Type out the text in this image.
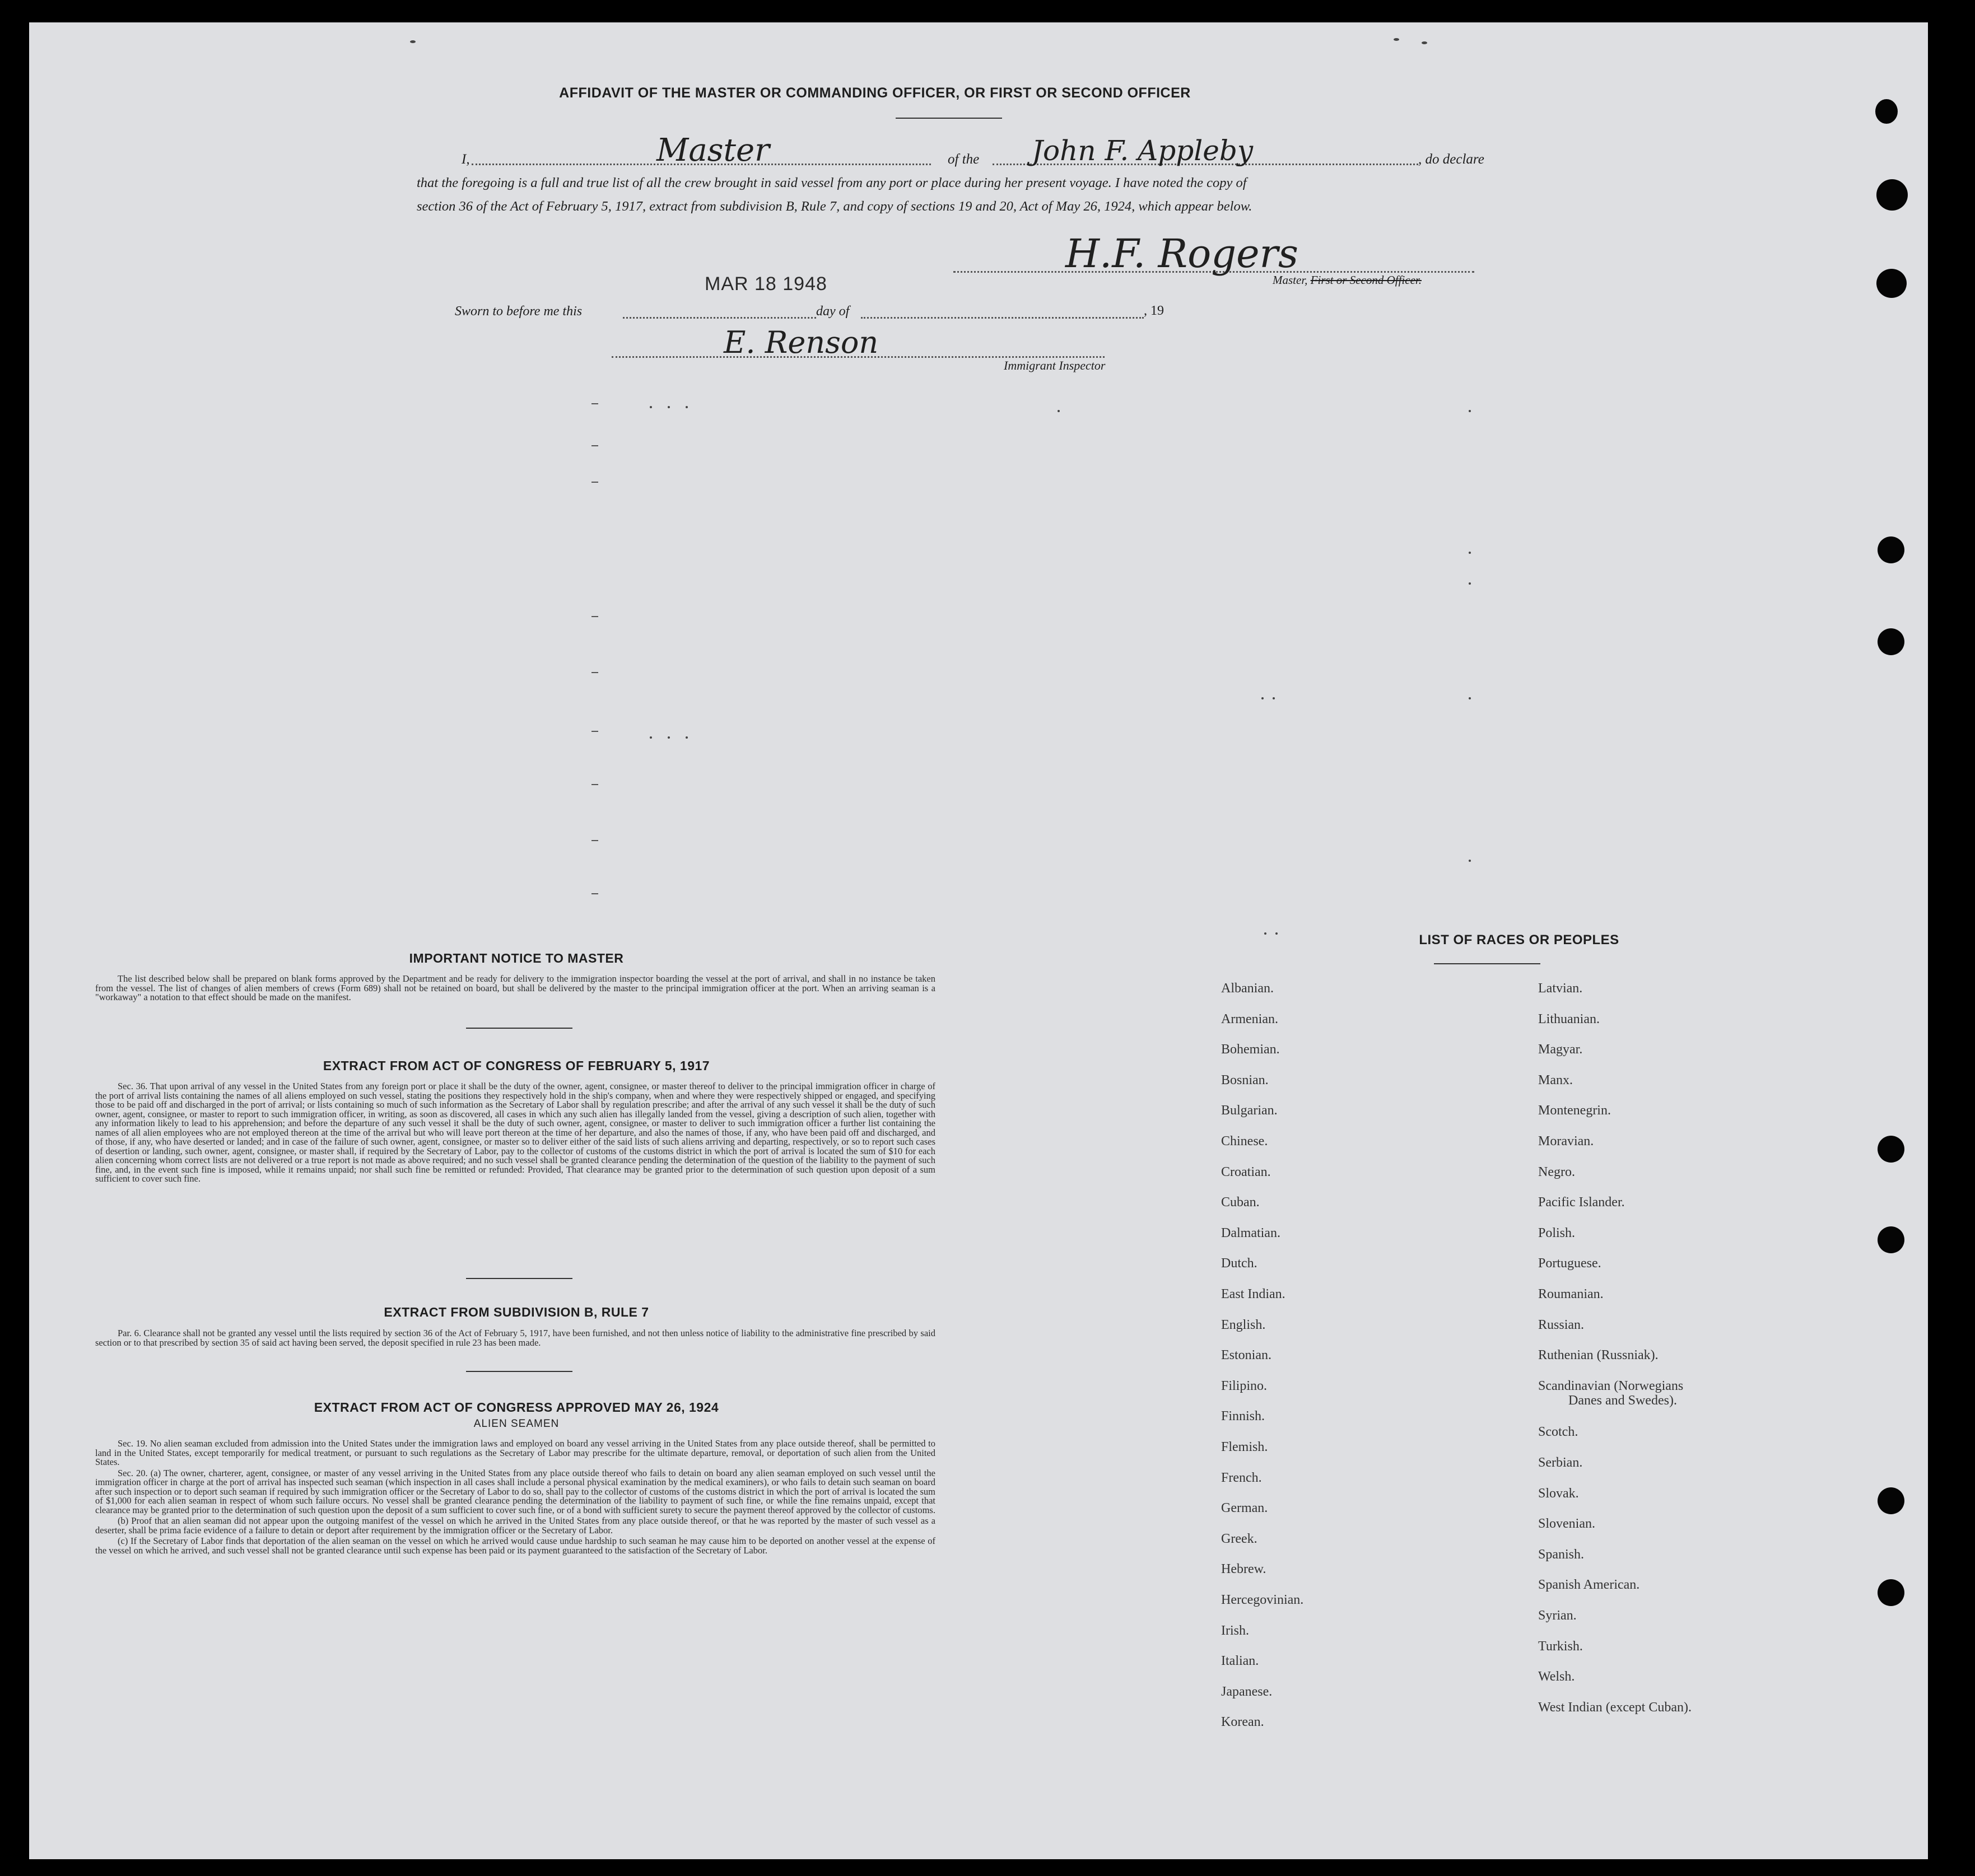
AFFIDAVIT OF THE MASTER OR COMMANDING OFFICER, OR FIRST OR SECOND OFFICER
I,	Master	of the John F. Appleby	, do declare
that the foregoing is a full and true list of all the crew brought in said vessel from any port or place during her present voyage. I have noted the copy of
section 36 of the Act of February 5, 1917, extract from subdivision B, Rule 7, and copy of sections 19 and 20, Act of May 26, 1924, which appear below.
H.F. Rogers
Master, First or Second Officer.
MAR 18 1948
Sworn to before me this	day of	, 19
E. Renson
Immigrant Inspector
IMPORTANT NOTICE TO MASTER
The list described below shall be prepared on blank forms approved by the Department and be ready for delivery to the immigration inspector boarding the vessel at the port of arrival, and shall in no instance be taken from the vessel. The list of changes of alien members of crews (Form 689) shall not be retained on board, but shall be delivered by the master to the principal immigration officer at the port. When an arriving seaman is a "workaway" a notation to that effect should be made on the manifest.
EXTRACT FROM ACT OF CONGRESS OF FEBRUARY 5, 1917
Sec. 36. That upon arrival of any vessel in the United States from any foreign port or place it shall be the duty of the owner, agent, consignee, or master thereof to deliver to the principal immigration officer in charge of the port of arrival lists containing the names of all aliens employed on such vessel, stating the positions they respectively hold in the ship's company, when and where they were respectively shipped or engaged, and specifying those to be paid off and discharged in the port of arrival; or lists containing so much of such information as the Secretary of Labor shall by regulation prescribe; and after the arrival of any such vessel it shall be the duty of such owner, agent, consignee, or master to report to such immigration officer, in writing, as soon as discovered, all cases in which any such alien has illegally landed from the vessel, giving a description of such alien, together with any information likely to lead to his apprehension; and before the departure of any such vessel it shall be the duty of such owner, agent, consignee, or master to deliver to such immigration officer a further list containing the names of all alien employees who are not employed thereon at the time of the arrival but who will leave port thereon at the time of her departure, and also the names of those, if any, who have been paid off and discharged, and of those, if any, who have deserted or landed; and in case of the failure of such owner, agent, consignee, or master so to deliver either of the said lists of such aliens arriving and departing, respectively, or so to report such cases of desertion or landing, such owner, agent, consignee, or master shall, if required by the Secretary of Labor, pay to the collector of customs of the customs district in which the port of arrival is located the sum of $10 for each alien concerning whom correct lists are not delivered or a true report is not made as above required; and no such vessel shall be granted clearance pending the determination of the question of the liability to the payment of such fine, and, in the event such fine is imposed, while it remains unpaid; nor shall such fine be remitted or refunded: Provided, That clearance may be granted prior to the determination of such question upon deposit of a sum sufficient to cover such fine.
EXTRACT FROM SUBDIVISION B, RULE 7
Par. 6. Clearance shall not be granted any vessel until the lists required by section 36 of the Act of February 5, 1917, have been furnished, and not then unless notice of liability to the administrative fine prescribed by said section or to that prescribed by section 35 of said act having been served, the deposit specified in rule 23 has been made.
EXTRACT FROM ACT OF CONGRESS APPROVED MAY 26, 1924
ALIEN SEAMEN

Sec. 19. No alien seaman excluded from admission into the United States under the immigration laws and employed on board any vessel arriving in the United States from any place outside thereof, shall be permitted to land in the United States, except temporarily for medical treatment, or pursuant to such regulations as the Secretary of Labor may prescribe for the ultimate departure, removal, or deportation of such alien from the United States.

Sec. 20. (a) The owner, charterer, agent, consignee, or master of any vessel arriving in the United States from any place outside thereof who fails to detain on board any alien seaman employed on such vessel until the immigration officer in charge at the port of arrival has inspected such seaman (which inspection in all cases shall include a personal physical examination by the medical examiners), or who fails to detain such seaman on board after such inspection or to deport such seaman if required by such immigration officer or the Secretary of Labor to do so, shall pay to the collector of customs of the customs district in which the port of arrival is located the sum of $1,000 for each alien seaman in respect of whom such failure occurs. No vessel shall be granted clearance pending the determination of the liability to payment of such fine, or while the fine remains unpaid, except that clearance may be granted prior to the determination of such question upon the deposit of a sum sufficient to cover such fine, or of a bond with sufficient surety to secure the payment thereof approved by the collector of customs.

(b) Proof that an alien seaman did not appear upon the outgoing manifest of the vessel on which he arrived in the United States from any place outside thereof, or that he was reported by the master of such vessel as a deserter, shall be prima facie evidence of a failure to detain or deport after requirement by the immigration officer or the Secretary of Labor.

(c) If the Secretary of Labor finds that deportation of the alien seaman on the vessel on which he arrived would cause undue hardship to such seaman he may cause him to be deported on another vessel at the expense of the vessel on which he arrived, and such vessel shall not be granted clearance until such expense has been paid or its payment guaranteed to the satisfaction of the Secretary of Labor.

LIST OF RACES OR PEOPLES
Albanian.
Armenian.
Bohemian.
Bosnian.
Bulgarian.
Chinese.
Croatian.
Cuban.
Dalmatian.
Dutch.
East Indian.
English.
Estonian.
Filipino.
Finnish.
Flemish.
French.
German.
Greek.
Hebrew.
Hercegovinian.
Irish.
Italian.
Japanese.
Korean.
Latvian.
Lithuanian.
Magyar.
Manx.
Montenegrin.
Moravian.
Negro.
Pacific Islander.
Polish.
Portuguese.
Roumanian.
Russian.
Ruthenian (Russniak).
Scandinavian (Norwegians
Danes and Swedes).
Scotch.
Serbian.
Slovak.
Slovenian.
Spanish.
Spanish American.
Syrian.
Turkish.
Welsh.
West Indian (except Cuban).
